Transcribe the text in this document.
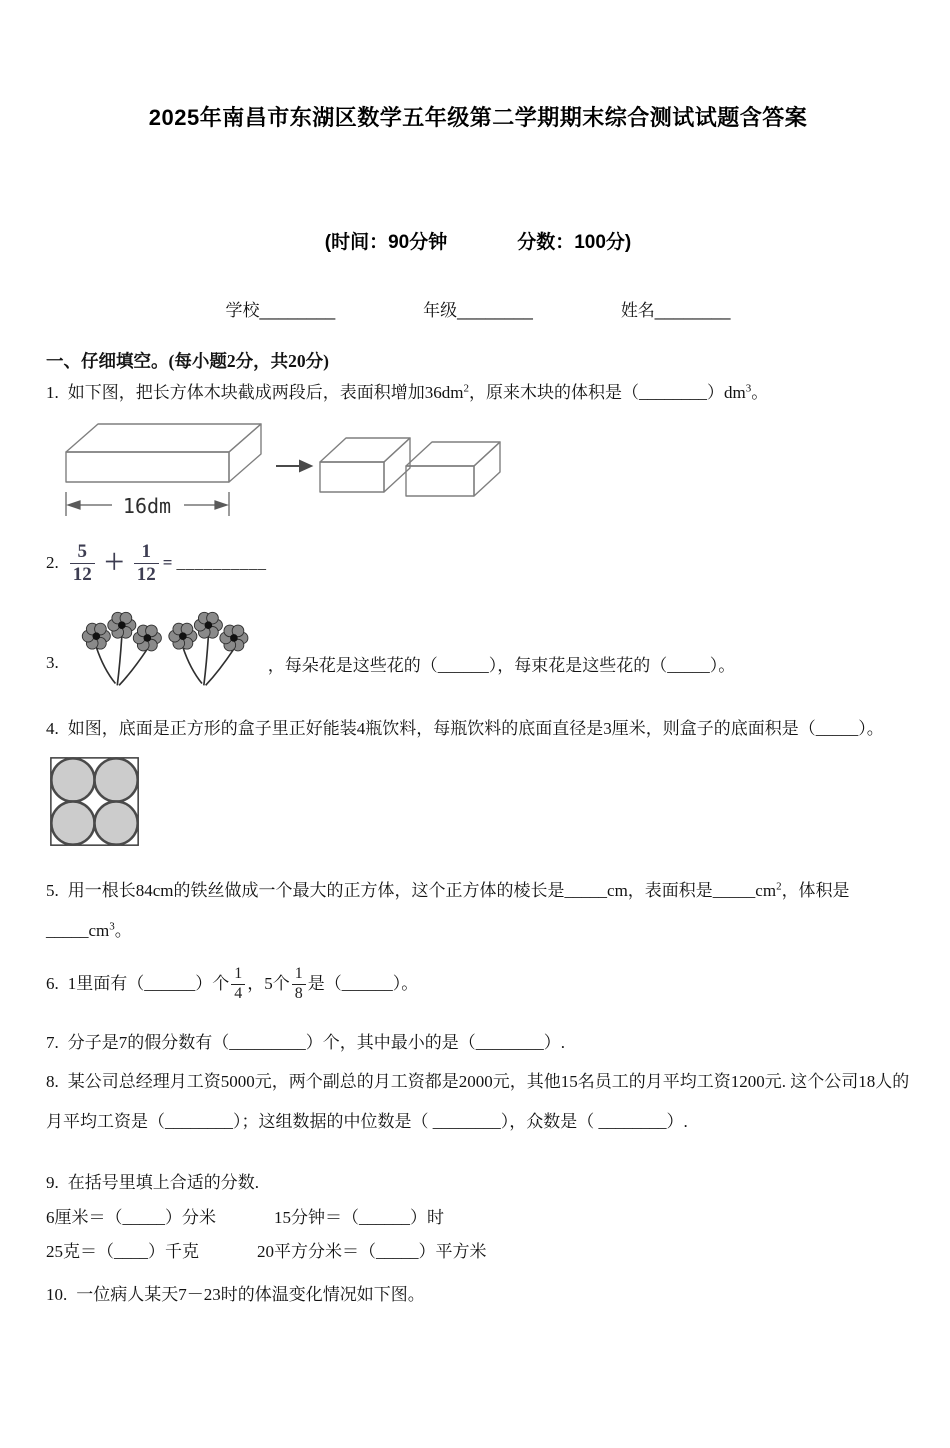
2025年南昌市东湖区数学五年级第二学期期末综合测试试题含答案
(时间：90分钟	分数：100分)
学校________	年级________	姓名________
一、仔细填空。(每小题2分，共20分)

1. 如下图，把长方体木块截成两段后，表面积增加$36dm^2$，原来木块的体积是$(\_\_\_\_\_\_\_\_)dm^3$。

16dm

2. $\frac{5}{12} + \frac{1}{12}$ = __________

3.	，每朵花是这些花的（______），每束花是这些花的（_____）。

4. 如图，底面是正方形的盒子里正好能装4瓶饮料，每瓶饮料的底面直径是3厘米，则盒子的底面积是（_____）。

5. 用一根长84cm的铁丝做成一个最大的正方体，这个正方体的棱长是_____cm，表面积是$\_\_\_\_\_cm^2$，体积是 $\_\_\_\_\_cm^3$。

6. 1里面有（______）个 $\frac{1}{4}$ ，5个 $\frac{1}{8}$ 是（______）。

7. 分子是7的假分数有（_________）个，其中最小的是（________）.

8. 某公司总经理月工资5000元，两个副总的月工资都是2000元，其他15名员工的月平均工资1200元. 这个公司18人的月平均工资是（________）；这组数据的中位数是（ ________），众数是（ ________）.

9. 在括号里填上合适的分数.

6厘米＝（_____）分米	15分钟＝（______）时

25克＝（____）千克	20平方分米＝（_____）平方米

10. 一位病人某天7－23时的体温变化情况如下图。
